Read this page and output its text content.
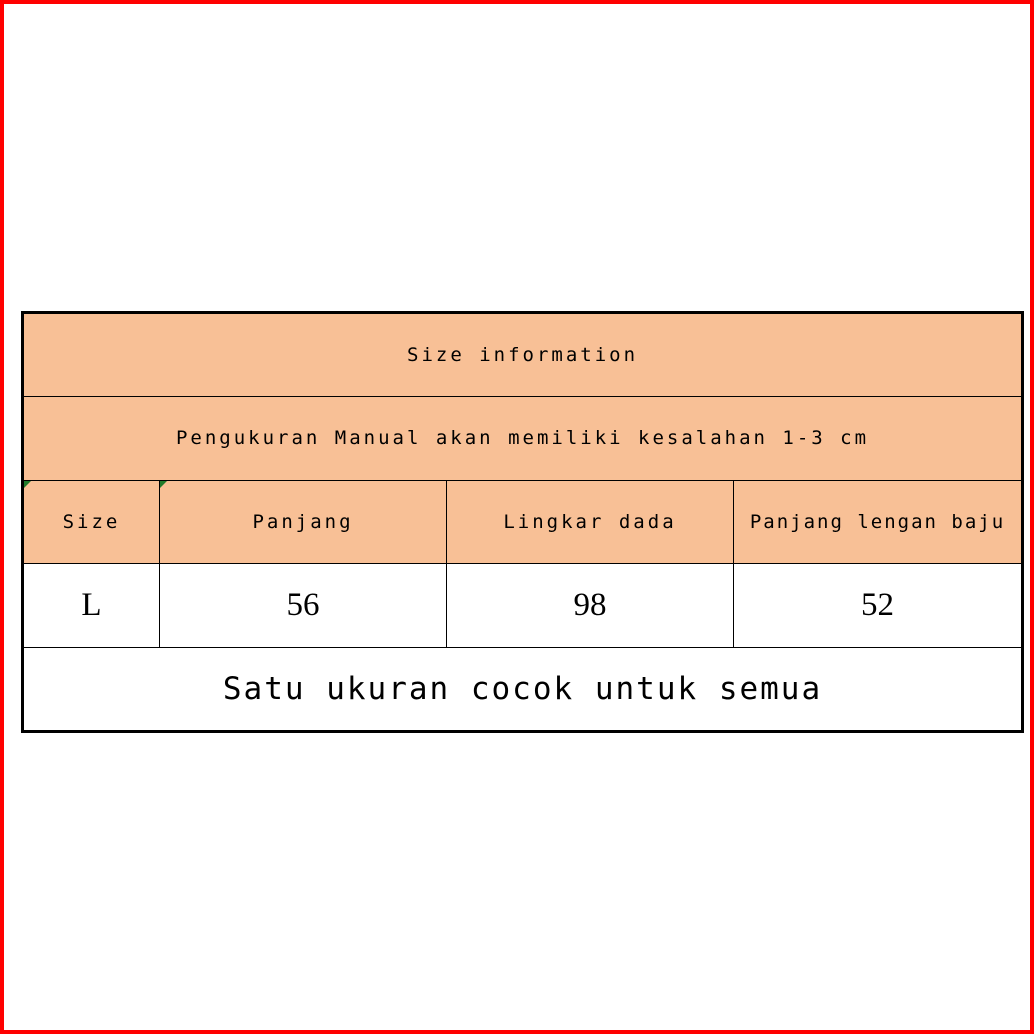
Size information			
Pengukuran Manual akan memiliki kesalahan 1-3 cm			
Size	Panjang	Lingkar dada	Panjang lengan baju
L	56	98	52
Satu ukuran cocok untuk semua			
